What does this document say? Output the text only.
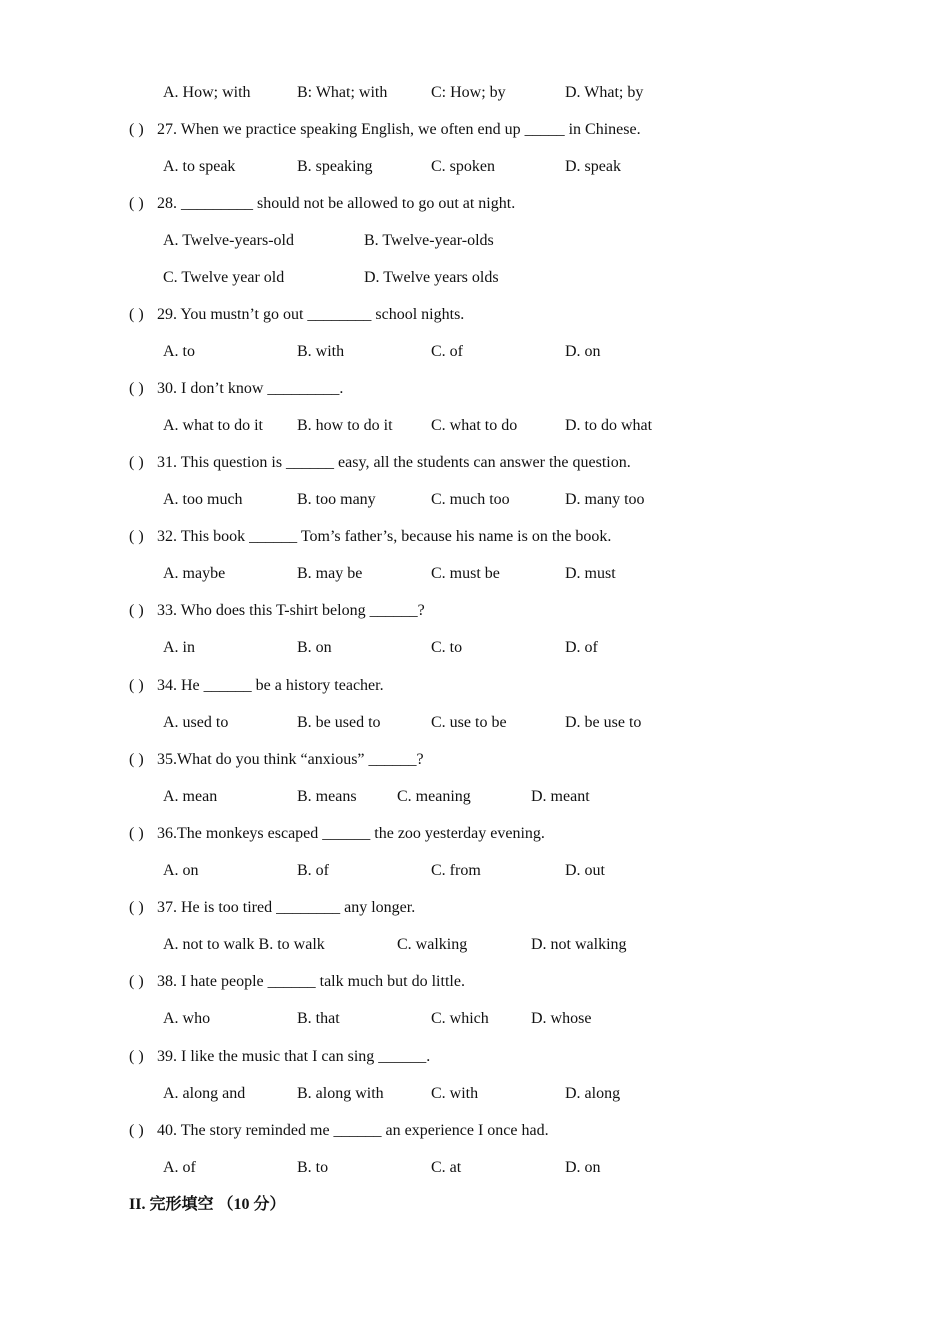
A. How; with	B: What; with	C: How; by	D. What; by
( ) 27. When we practice speaking English, we often end up _____ in Chinese.
A. to speak	B. speaking	C. spoken	D. speak
( ) 28. _________ should not be allowed to go out at night.
A. Twelve-years-old	B. Twelve-year-olds
C. Twelve year old	D. Twelve years olds
( ) 29. You mustn’t go out ________ school nights.
A. to	B. with	C. of	D. on
( ) 30. I don’t know _________.
A. what to do it B. how to do it C. what to do	D. to do what
( ) 31. This question is ______ easy, all the students can answer the question.
A. too much	B. too many	C. much too	D. many too
( ) 32. This book ______ Tom’s father’s, because his name is on the book.
A. maybe	B. may be	C. must be	D. must
( ) 33. Who does this T-shirt belong ______?
A. in	B. on	C. to	D. of
( ) 34. He ______ be a history teacher.
A. used to	B. be used to	C. use to be	D. be use to
( ) 35.What do you think “anxious” ______?
A. mean	B. means	C. meaning	D. meant
( ) 36.The monkeys escaped ______ the zoo yesterday evening.
A. on	B. of	C. from	D. out
( ) 37. He is too tired ________ any longer.
A. not to walk B. to walk	C. walking	D. not walking
( ) 38. I hate people ______ talk much but do little.
A. who	B. that	C. which	D. whose
( ) 39. I like the music that I can sing ______.
A. along and	B. along with	C. with	D. along
( ) 40. The story reminded me ______ an experience I once had.
A. of	B. to	C. at	D. on
II. 完形填空 （10 分）
